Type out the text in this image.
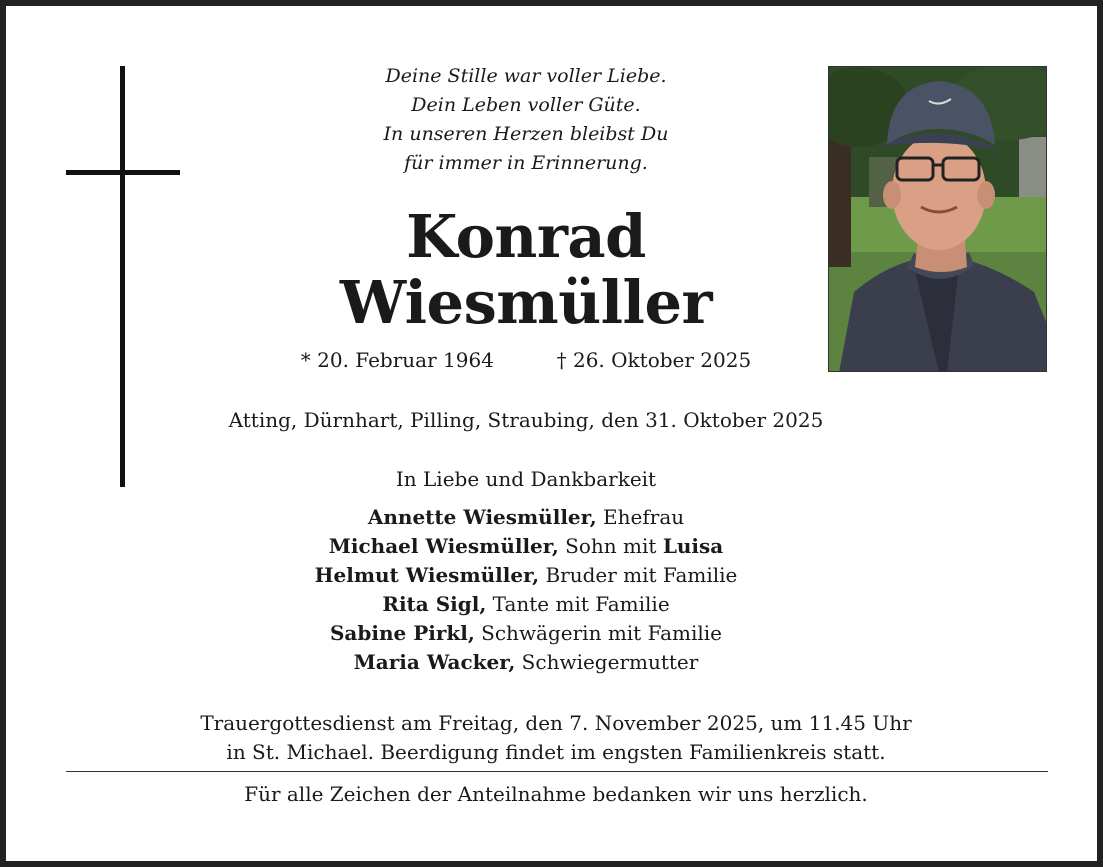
Deine Stille war voller Liebe.
Dein Leben voller Güte.
In unseren Herzen bleibst Du
für immer in Erinnerung.
Konrad
Wiesmüller
* 20. Februar 1964	† 26. Oktober 2025
Atting, Dürnhart, Pilling, Straubing, den 31. Oktober 2025
In Liebe und Dankbarkeit
Annette Wiesmüller, Ehefrau
Michael Wiesmüller, Sohn mit Luisa
Helmut Wiesmüller, Bruder mit Familie
Rita Sigl, Tante mit Familie
Sabine Pirkl, Schwägerin mit Familie
Maria Wacker, Schwiegermutter
Trauergottesdienst am Freitag, den 7. November 2025, um 11.45 Uhr
in St. Michael. Beerdigung findet im engsten Familienkreis statt.
Für alle Zeichen der Anteilnahme bedanken wir uns herzlich.
